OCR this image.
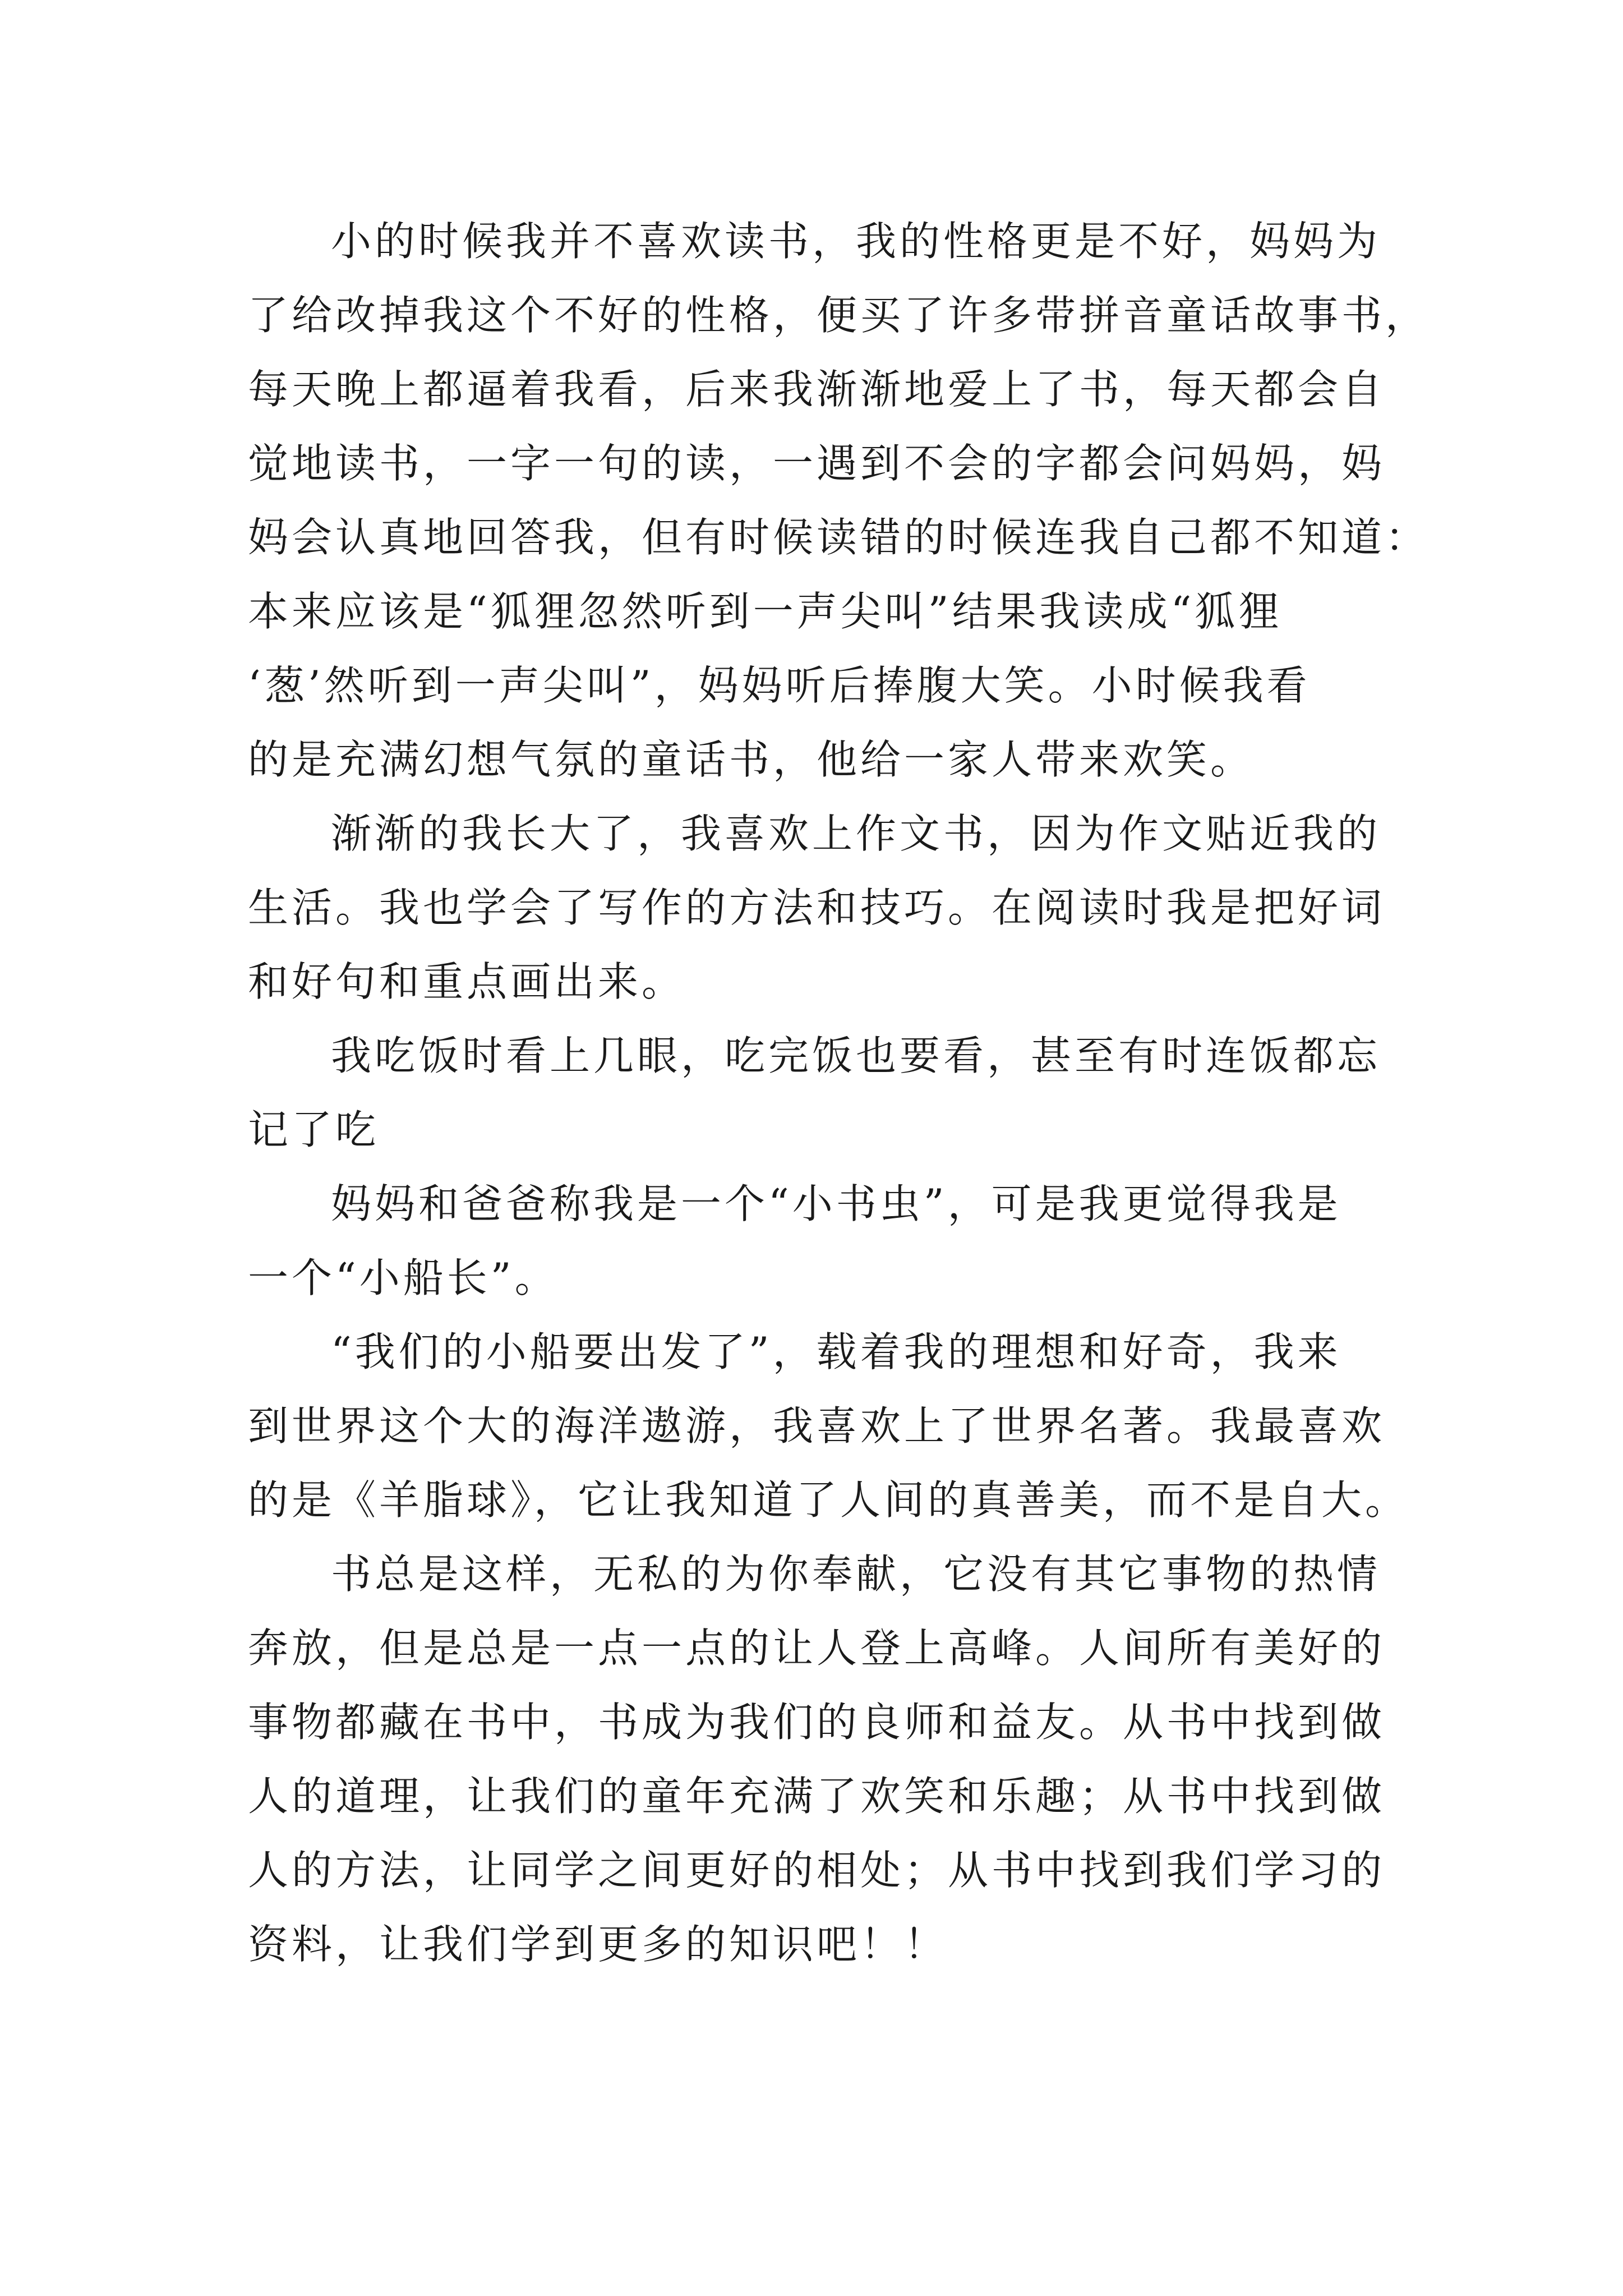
小的时候我并不喜欢读书，我的性格更是不好，妈妈为

了给改掉我这个不好的性格，便买了许多带拼音童话故事书，

每天晚上都逼着我看，后来我渐渐地爱上了书，每天都会自

觉地读书，一字一句的读，一遇到不会的字都会问妈妈，妈

妈会认真地回答我，但有时候读错的时候连我自己都不知道：

本来应该是“狐狸忽然听到一声尖叫”结果我读成“狐狸

‘葱’然听到一声尖叫”，妈妈听后捧腹大笑。小时候我看

的是充满幻想气氛的童话书，他给一家人带来欢笑。

渐渐的我长大了，我喜欢上作文书，因为作文贴近我的

生活。我也学会了写作的方法和技巧。在阅读时我是把好词

和好句和重点画出来。

我吃饭时看上几眼，吃完饭也要看，甚至有时连饭都忘

记了吃

妈妈和爸爸称我是一个“小书虫”，可是我更觉得我是

一个“小船长”。

“我们的小船要出发了”，载着我的理想和好奇，我来

到世界这个大的海洋遨游，我喜欢上了世界名著。我最喜欢

的是《羊脂球》，它让我知道了人间的真善美，而不是自大。

书总是这样，无私的为你奉献，它没有其它事物的热情

奔放，但是总是一点一点的让人登上高峰。人间所有美好的

事物都藏在书中，书成为我们的良师和益友。从书中找到做

人的道理，让我们的童年充满了欢笑和乐趣；从书中找到做

人的方法，让同学之间更好的相处；从书中找到我们学习的

资料，让我们学到更多的知识吧！！
